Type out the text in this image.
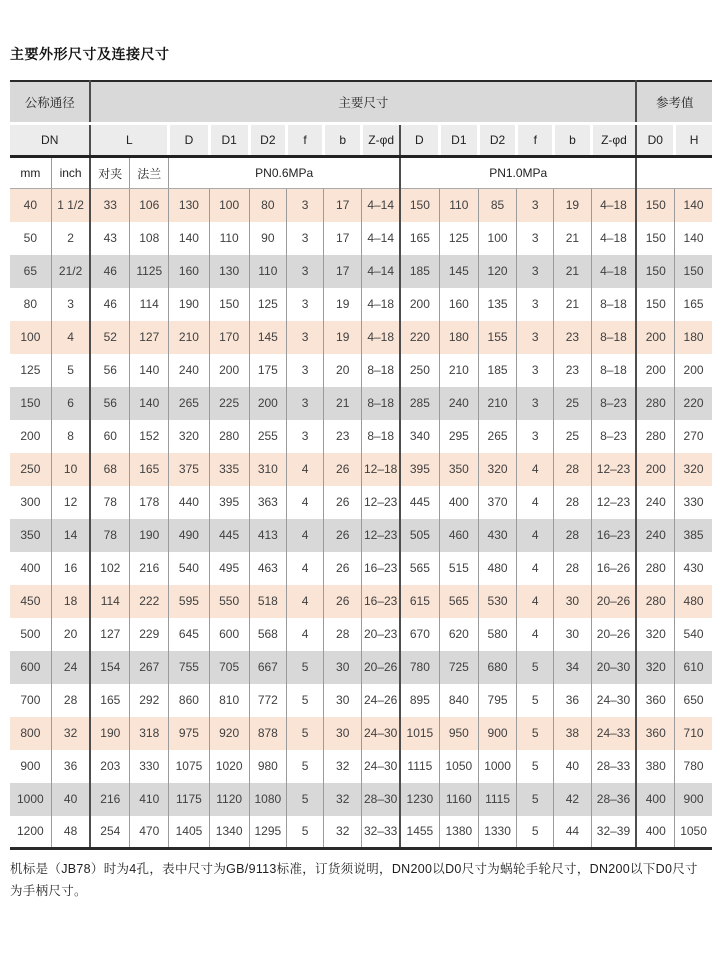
主要外形尺寸及连接尺寸
公称通径		主要尺寸														参考值	
DN		L		D	D1	D2	f	b	Z-φd	D	D1	D2	f	b	Z-φd	D0	H
mm	inch	对夹	法兰	PN0.6MPa						PN1.0MPa							
40	1 1/2	33	106	130	100	80	3	17	4–14	150	110	85	3	19	4–18	150	140
50	2	43	108	140	110	90	3	17	4–14	165	125	100	3	21	4–18	150	140
65	21/2	46	1125	160	130	110	3	17	4–14	185	145	120	3	21	4–18	150	150
80	3	46	114	190	150	125	3	19	4–18	200	160	135	3	21	8–18	150	165
100	4	52	127	210	170	145	3	19	4–18	220	180	155	3	23	8–18	200	180
125	5	56	140	240	200	175	3	20	8–18	250	210	185	3	23	8–18	200	200
150	6	56	140	265	225	200	3	21	8–18	285	240	210	3	25	8–23	280	220
200	8	60	152	320	280	255	3	23	8–18	340	295	265	3	25	8–23	280	270
250	10	68	165	375	335	310	4	26	12–18	395	350	320	4	28	12–23	200	320
300	12	78	178	440	395	363	4	26	12–23	445	400	370	4	28	12–23	240	330
350	14	78	190	490	445	413	4	26	12–23	505	460	430	4	28	16–23	240	385
400	16	102	216	540	495	463	4	26	16–23	565	515	480	4	28	16–26	280	430
450	18	114	222	595	550	518	4	26	16–23	615	565	530	4	30	20–26	280	480
500	20	127	229	645	600	568	4	28	20–23	670	620	580	4	30	20–26	320	540
600	24	154	267	755	705	667	5	30	20–26	780	725	680	5	34	20–30	320	610
700	28	165	292	860	810	772	5	30	24–26	895	840	795	5	36	24–30	360	650
800	32	190	318	975	920	878	5	30	24–30	1015	950	900	5	38	24–33	360	710
900	36	203	330	1075	1020	980	5	32	24–30	1115	1050	1000	5	40	28–33	380	780
1000	40	216	410	1175	1120	1080	5	32	28–30	1230	1160	1115	5	42	28–36	400	900
1200	48	254	470	1405	1340	1295	5	32	32–33	1455	1380	1330	5	44	32–39	400	1050
机标是（JB78）时为4孔，表中尺寸为GB/9113标准，订货须说明，DN200以D0尺寸为蜗轮手轮尺寸，DN200以下D0尺寸为手柄尺寸。
